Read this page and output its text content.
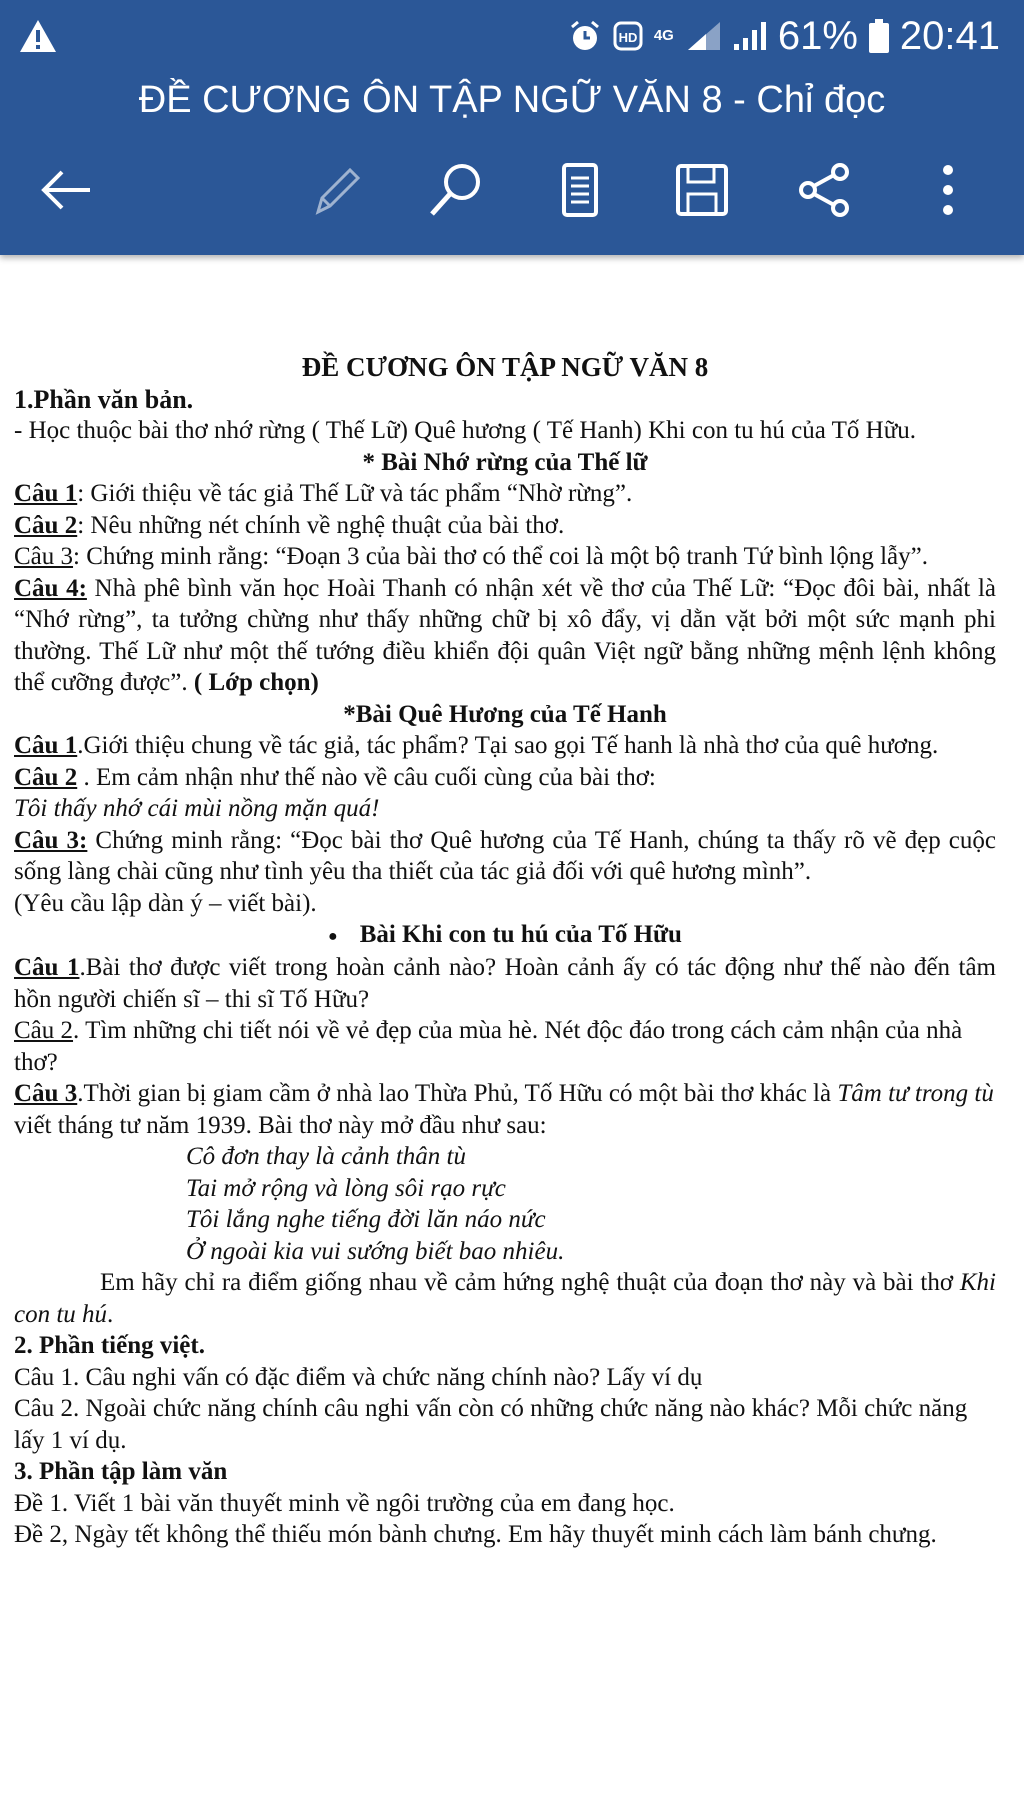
HD 4G	61% 20:41
ĐỀ CƯƠNG ÔN TẬP NGỮ VĂN 8 - Chỉ đọc

ĐỀ CƯƠNG ÔN TẬP NGỮ VĂN 8

1.Phần văn bản.

- Học thuộc bài thơ nhớ rừng ( Thế Lữ) Quê hương ( Tế Hanh) Khi con tu hú của Tố Hữu.

* Bài Nhớ rừng của Thế lữ

Câu 1: Giới thiệu về tác giả Thế Lữ và tác phẩm “Nhờ rừng”.

Câu 2: Nêu những nét chính về nghệ thuật của bài thơ.

Câu 3: Chứng minh rằng: “Đoạn 3 của bài thơ có thể coi là một bộ tranh Tứ bình lộng lẫy”.

Câu 4: Nhà phê bình văn học Hoài Thanh có nhận xét về thơ của Thế Lữ: “Đọc đôi bài, nhất là “Nhớ rừng”, ta tưởng chừng như thấy những chữ bị xô đẩy, vị dằn vặt bởi một sức mạnh phi thường. Thế Lữ như một thế tướng điều khiển đội quân Việt ngữ bằng những mệnh lệnh không thể cưỡng được”. ( Lớp chọn)

*Bài Quê Hương của Tế Hanh

Câu 1.Giới thiệu chung về tác giả, tác phẩm? Tại sao gọi Tế hanh là nhà thơ của quê hương.

Câu 2 . Em cảm nhận như thế nào về câu cuối cùng của bài thơ:

Tôi thấy nhớ cái mùi nồng mặn quá!

Câu 3: Chứng minh rằng: “Đọc bài thơ Quê hương của Tế Hanh, chúng ta thấy rõ vẽ đẹp cuộc sống làng chài cũng như tình yêu tha thiết của tác giả đối với quê hương mình”.

(Yêu cầu lập dàn ý – viết bài).

● Bài Khi con tu hú của Tố Hữu

Câu 1.Bài thơ được viết trong hoàn cảnh nào? Hoàn cảnh ấy có tác động như thế nào đến tâm hồn người chiến sĩ – thi sĩ Tố Hữu?

Câu 2. Tìm những chi tiết nói về vẻ đẹp của mùa hè. Nét độc đáo trong cách cảm nhận của nhà thơ?

Câu 3.Thời gian bị giam cầm ở nhà lao Thừa Phủ, Tố Hữu có một bài thơ khác là Tâm tư trong tù viết tháng tư năm 1939. Bài thơ này mở đầu như sau:

Cô đơn thay là cảnh thân tù

Tai mở rộng và lòng sôi rạo rực

Tôi lắng nghe tiếng đời lăn náo nức

Ở ngoài kia vui sướng biết bao nhiêu.

Em hãy chỉ ra điểm giống nhau về cảm hứng nghệ thuật của đoạn thơ này và bài thơ Khi con tu hú.

2. Phần tiếng việt.

Câu 1. Câu nghi vấn có đặc điểm và chức năng chính nào? Lấy ví dụ

Câu 2. Ngoài chức năng chính câu nghi vấn còn có những chức năng nào khác? Mỗi chức năng lấy 1 ví dụ.

3. Phần tập làm văn

Đề 1. Viết 1 bài văn thuyết minh về ngôi trường của em đang học.

Đề 2, Ngày tết không thể thiếu món bành chưng. Em hãy thuyết minh cách làm bánh chưng.
